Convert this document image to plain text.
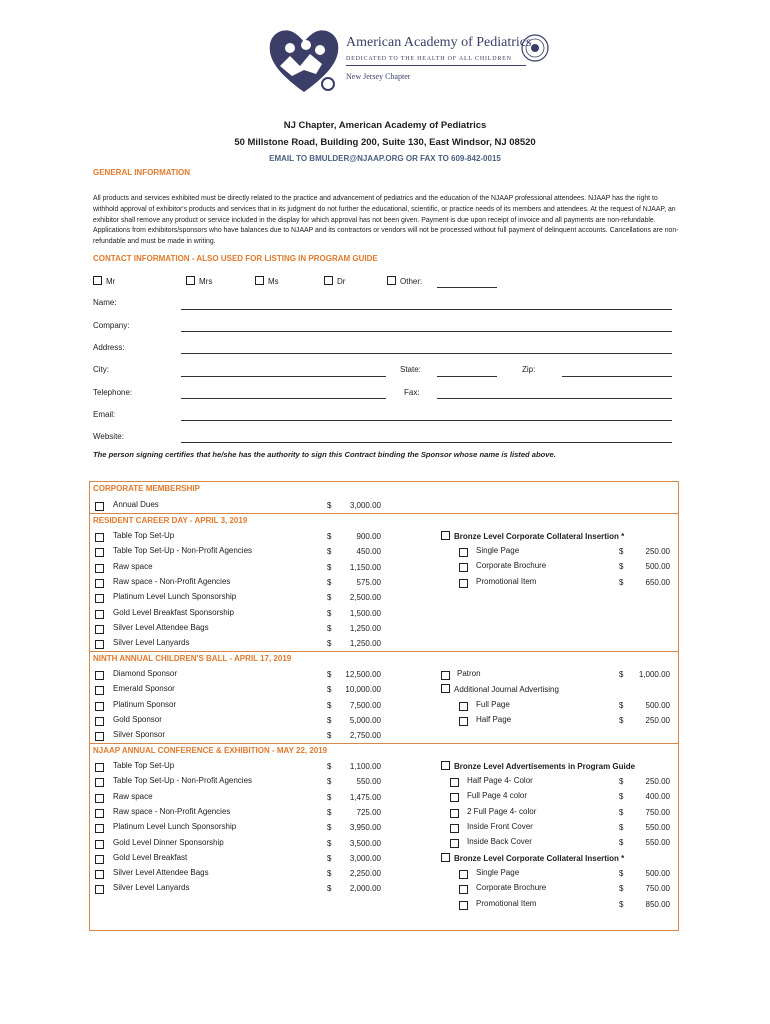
American Academy of Pediatrics
DEDICATED TO THE HEALTH OF ALL CHILDREN
New Jersey Chapter
NJ Chapter, American Academy of Pediatrics
50 Millstone Road, Building 200, Suite 130, East Windsor, NJ 08520
EMAIL TO BMULDER@NJAAP.ORG OR FAX TO 609-842-0015
GENERAL INFORMATION
All products and services exhibited must be directly related to the practice and advancement of pediatrics and the education of the NJAAP professional attendees. NJAAP has the right to withhold approval of exhibitor's products and services that in its judgment do not further the educational, scientific, or practice needs of its members and attendees. At the request of NJAAP, an exhibitor shall remove any product or service included in the display for which approval has not been given. Payment is due upon receipt of invoice and all payments are non-refundable. Applications from exhibitors/sponsors who have balances due to NJAAP and its contractors or vendors will not be processed without full payment of delinquent accounts. Cancellations are non-refundable and must be made in writing.
CONTACT INFORMATION - ALSO USED FOR LISTING IN PROGRAM GUIDE
Mr	Mrs	Ms	Dr	Other:
Name:
Company:
Address:
City:	State:	Zip:
Telephone:	Fax:
Email:
Website:
The person signing certifies that he/she has the authority to sign this Contract binding the Sponsor whose name is listed above.
CORPORATE MEMBERSHIP
RESIDENT CAREER DAY - APRIL 3, 2019
NINTH ANNUAL CHILDREN'S BALL - APRIL 17, 2019
NJAAP ANNUAL CONFERENCE & EXHIBITION - MAY 22, 2019
Annual Dues	$	3,000.00
Table Top Set-Up	$	900.00
Table Top Set-Up - Non-Profit Agencies	$	450.00
Raw space	$	1,150.00
Raw space - Non-Profit Agencies	$	575.00
Platinum Level Lunch Sponsorship	$	2,500.00
Gold Level Breakfast Sponsorship	$	1,500.00
Silver Level Attendee Bags	$	1,250.00
Silver Level Lanyards	$	1,250.00
Bronze Level Corporate Collateral Insertion *
Single Page	$	250.00
Corporate Brochure	$	500.00
Promotional Item	$	650.00
Diamond Sponsor	$	12,500.00
Emerald Sponsor	$	10,000.00
Platinum Sponsor	$	7,500.00
Gold Sponsor	$	5,000.00
Silver Sponsor	$	2,750.00
Patron	$	1,000.00
Additional Journal Advertising
Full Page	$	500.00
Half Page	$	250.00
Table Top Set-Up	$	1,100.00
Table Top Set-Up - Non-Profit Agencies	$	550.00
Raw space	$	1,475.00
Raw space - Non-Profit Agencies	$	725.00
Platinum Level Lunch Sponsorship	$	3,950.00
Gold Level Dinner Sponsorship	$	3,500.00
Gold Level Breakfast	$	3,000.00
Silver Level Attendee Bags	$	2,250.00
Silver Level Lanyards	$	2,000.00
Bronze Level Advertisements in Program Guide
Half Page 4- Color	$	250.00
Full Page 4 color	$	400.00
2 Full Page 4- color	$	750.00
Inside Front Cover	$	550.00
Inside Back Cover	$	550.00
Bronze Level Corporate Collateral Insertion *
Single Page	$	500.00
Corporate Brochure	$	750.00
Promotional Item	$	850.00
